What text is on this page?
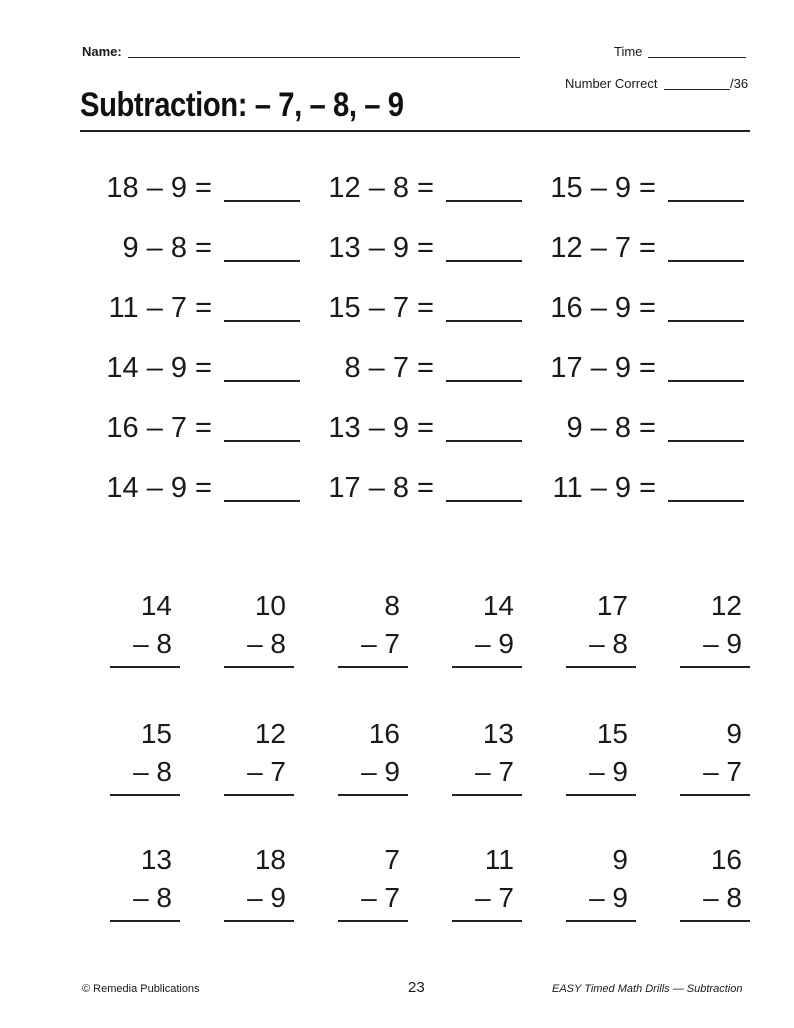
Name:	Time
Number Correct	/36
Subtraction: – 7, – 8, – 9
18 – 9 =	12 – 8 =	15 – 9 =
9 – 8 =	13 – 9 =	12 – 7 =
11 – 7 =	15 – 7 =	16 – 9 =
14 – 9 =	8 – 7 =	17 – 9 =
16 – 7 =	13 – 9 =	9 – 8 =
14 – 9 =	17 – 8 =	11 – 9 =
14
– 8
10
– 8
8
– 7
14
– 9
17
– 8
12
– 9
15
– 8
12
– 7
16
– 9
13
– 7
15
– 9
9
– 7
13
– 8
18
– 9
7
– 7
11
– 7
9
– 9
16
– 8
© Remedia Publications	23	EASY Timed Math Drills — Subtraction
